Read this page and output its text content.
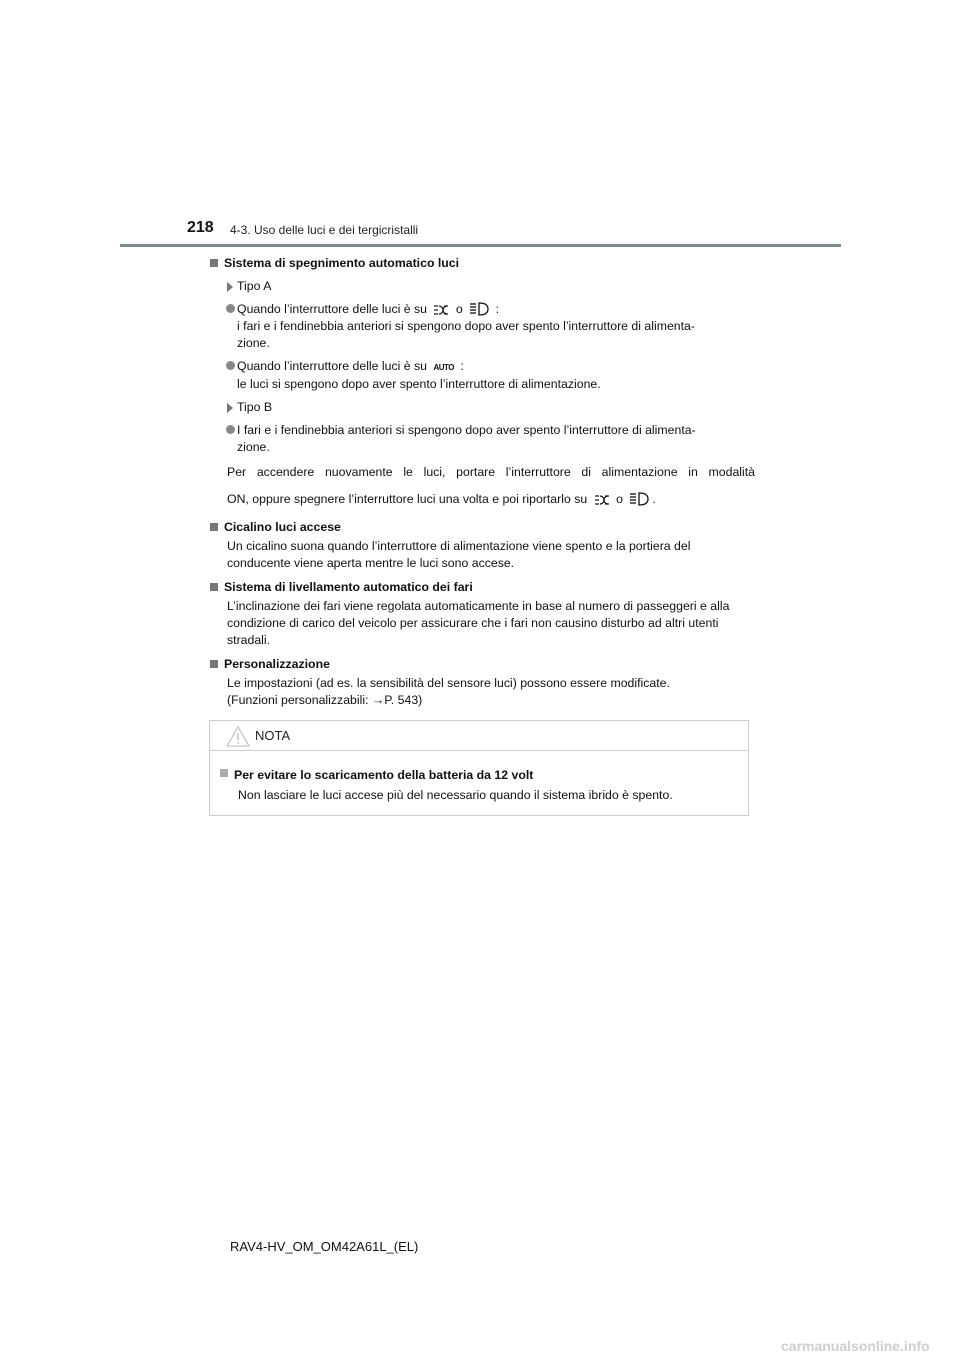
218 4-3. Uso delle luci e dei tergicristalli
Sistema di spegnimento automatico luci
Tipo A
Quando l’interruttore delle luci è su o	:
i fari e i fendinebbia anteriori si spengono dopo aver spento l’interruttore di alimenta-
zione.
Quando l’interruttore delle luci è su AUTO :
le luci si spengono dopo aver spento l’interruttore di alimentazione.
Tipo B
I fari e i fendinebbia anteriori si spengono dopo aver spento l’interruttore di alimenta-
zione.
Per accendere nuovamente le luci, portare l’interruttore di alimentazione in modalità
ON, oppure spegnere l’interruttore luci una volta e poi riportarlo su o .
Cicalino luci accese
Un cicalino suona quando l’interruttore di alimentazione viene spento e la portiera del conducente viene aperta mentre le luci sono accese.
Sistema di livellamento automatico dei fari
L’inclinazione dei fari viene regolata automaticamente in base al numero di passeggeri e alla condizione di carico del veicolo per assicurare che i fari non causino disturbo ad altri utenti stradali.
Personalizzazione
Le impostazioni (ad es. la sensibilità del sensore luci) possono essere modificate.
(Funzioni personalizzabili: →P. 543)
NOTA
Per evitare lo scaricamento della batteria da 12 volt
Non lasciare le luci accese più del necessario quando il sistema ibrido è spento.
RAV4-HV_OM_OM42A61L_(EL)
carmanualsonline.info
